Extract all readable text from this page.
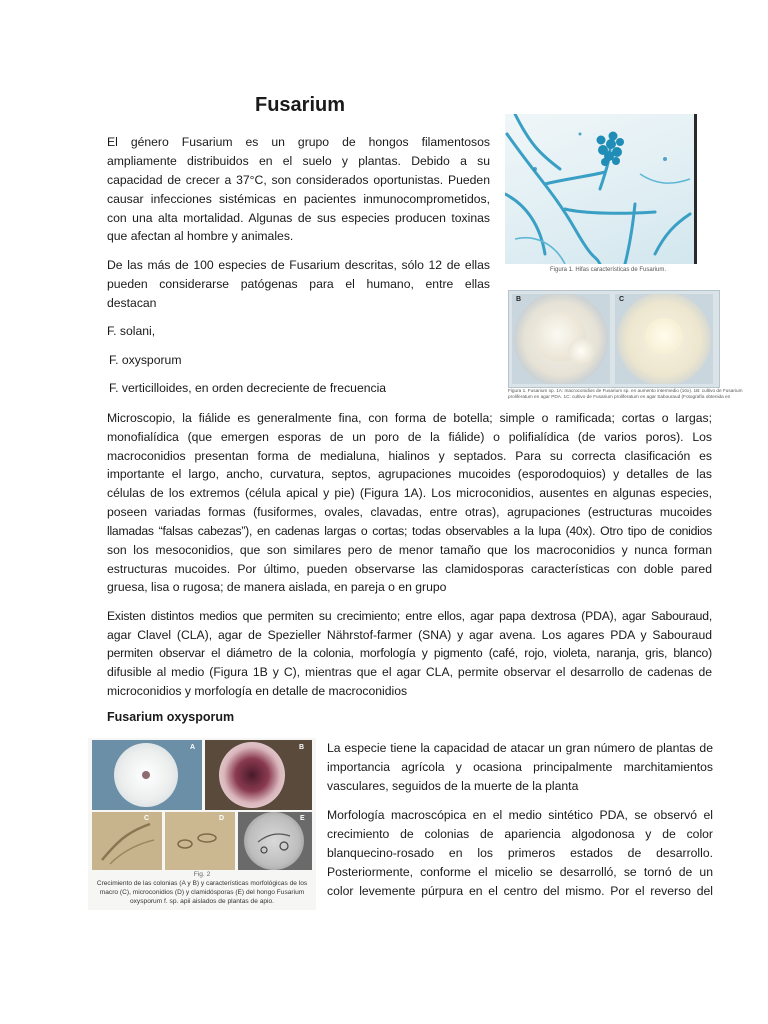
Fusarium

El género Fusarium es un grupo de hongos filamentosos

ampliamente distribuidos en el suelo y plantas. Debido a su

capacidad de crecer a 37°C, son considerados oportunistas. Pueden

causar infecciones sistémicas en pacientes inmunocomprometidos,

con una alta mortalidad. Algunas de sus especies producen toxinas

que afectan al hombre y animales.

De las más de 100 especies de Fusarium descritas, sólo 12 de ellas

pueden considerarse patógenas para el humano, entre ellas

destacan

F. solani,

F. oxysporum

F. verticilloides, en orden decreciente de frecuencia

Figura 1. Hifas características de Fusarium.

B	C

Figura 1. Fusarium sp. 1A: macroconidios de Fusarium sp. en aumento intermedio (10x). 1B: cultivo de Fusarium

proliferatum en agar PDA. 1C: cultivo de Fusarium proliferatum en agar Sabouraud (Fotografía obtenida en

Microscopio, la fiálide es generalmente fina, con forma de botella; simple o ramificada; cortas o largas;

monofialídica (que emergen esporas de un poro de la fiálide) o polifialídica (de varios poros). Los

macroconidios presentan forma de medialuna, hialinos y septados. Para su correcta clasificación es

importante el largo, ancho, curvatura, septos, agrupaciones mucoides (esporodoquios) y detalles de las

células de los extremos (célula apical y pie) (Figura 1A). Los microconidios, ausentes en algunas especies,

poseen variadas formas (fusiformes, ovales, clavadas, entre otras), agrupaciones (estructuras mucoides

llamadas “falsas cabezas”), en cadenas largas o cortas; todas observables a la lupa (40x). Otro tipo de conidios

son los mesoconidios, que son similares pero de menor tamaño que los macroconidios y nunca forman

estructuras mucoides. Por último, pueden observarse las clamidosporas características con doble pared

gruesa, lisa o rugosa; de manera aislada, en pareja o en grupo

Existen distintos medios que permiten su crecimiento; entre ellos, agar papa dextrosa (PDA), agar Sabouraud,

agar Clavel (CLA), agar de Spezieller Nährstof-farmer (SNA) y agar avena. Los agares PDA y Sabouraud

permiten observar el diámetro de la colonia, morfología y pigmento (café, rojo, violeta, naranja, gris, blanco)

difusible al medio (Figura 1B y C), mientras que el agar CLA, permite observar el desarrollo de cadenas de

microconidios y morfología en detalle de macroconidios

Fusarium oxysporum
A	B
C	D	E

Fig. 2

Crecimiento de las colonias (A y B) y características morfológicas de los

macro (C), microconidios (D) y clamidósporas (E) del hongo Fusarium

oxysporum f. sp. apii aislados de plantas de apio.

La especie tiene la capacidad de atacar un gran número de plantas de

importancia agrícola y ocasiona principalmente marchitamientos

vasculares, seguidos de la muerte de la planta

Morfología macroscópica en el medio sintético PDA, se observó el

crecimiento de colonias de apariencia algodonosa y de color

blanquecino-rosado en los primeros estados de desarrollo.

Posteriormente, conforme el micelio se desarrolló, se tornó de un

color levemente púrpura en el centro del mismo. Por el reverso del
